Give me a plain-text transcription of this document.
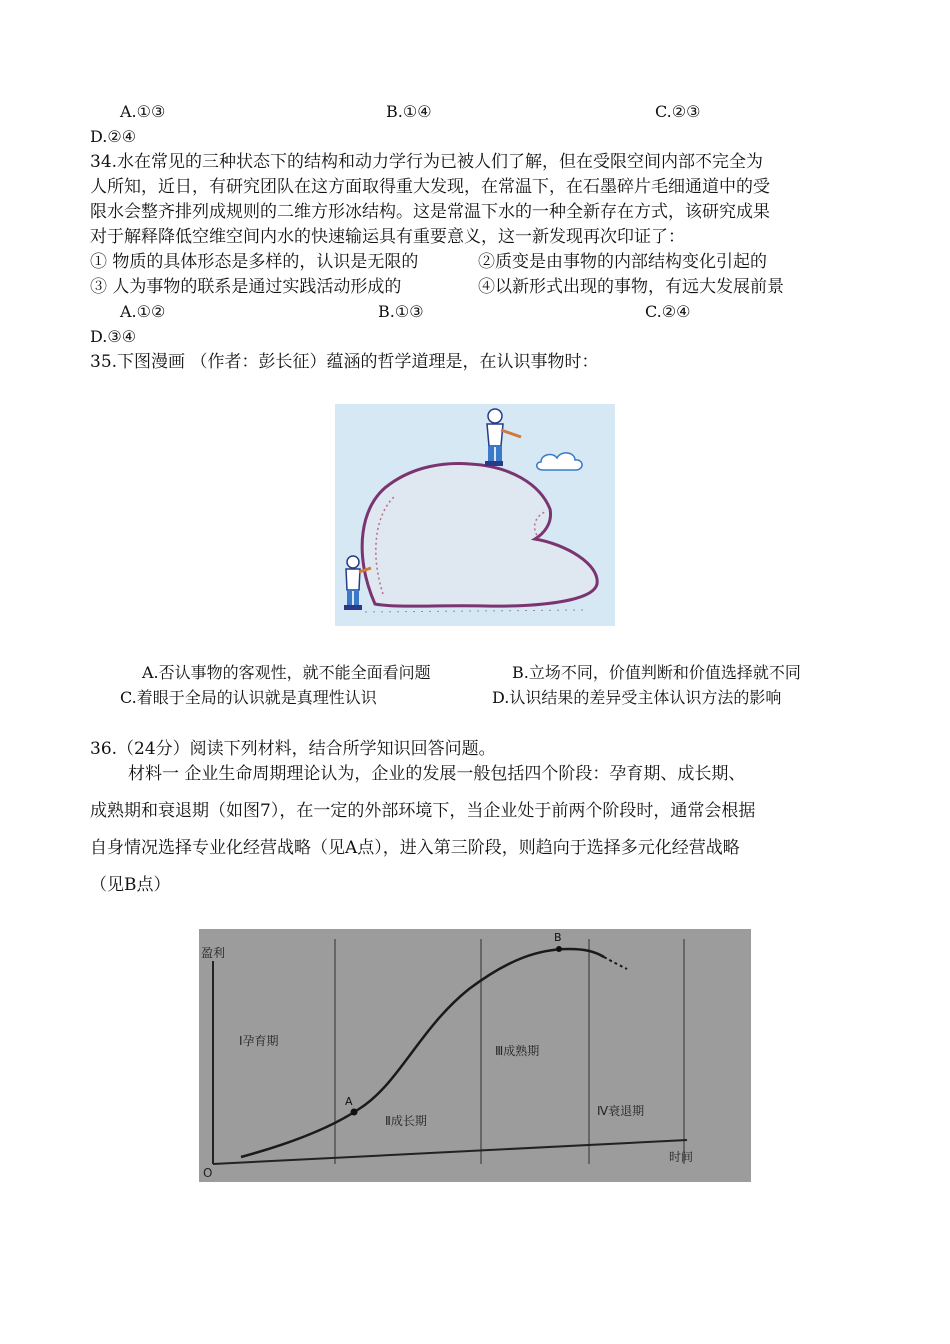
A.①③	B.①④	C.②③
D.②④
34.水在常见的三种状态下的结构和动力学行为已被人们了解，但在受限空间内部不完全为
人所知，近日，有研究团队在这方面取得重大发现，在常温下，在石墨碎片毛细通道中的受
限水会整齐排列成规则的二维方形冰结构。这是常温下水的一种全新存在方式，该研究成果
对于解释降低空维空间内水的快速输运具有重要意义，这一新发现再次印证了：
① 物质的具体形态是多样的，认识是无限的	②质变是由事物的内部结构变化引起的
③ 人为事物的联系是通过实践活动形成的	④以新形式出现的事物，有远大发展前景
A.①②	B.①③	C.②④
D.③④
35.下图漫画 （作者：彭长征）蕴涵的哲学道理是，在认识事物时：
A.否认事物的客观性，就不能全面看问题	B.立场不同，价值判断和价值选择就不同
C.着眼于全局的认识就是真理性认识	D.认识结果的差异受主体认识方法的影响
36.（24分）阅读下列材料，结合所学知识回答问题。
材料一 企业生命周期理论认为，企业的发展一般包括四个阶段：孕育期、成长期、
成熟期和衰退期（如图7），在一定的外部环境下，当企业处于前两个阶段时，通常会根据
自身情况选择专业化经营战略（见A点），进入第三阶段，则趋向于选择多元化经营战略
（见B点）
盈利
O
时间
Ⅰ孕育期
Ⅱ成长期
Ⅲ成熟期
Ⅳ衰退期
A
B
